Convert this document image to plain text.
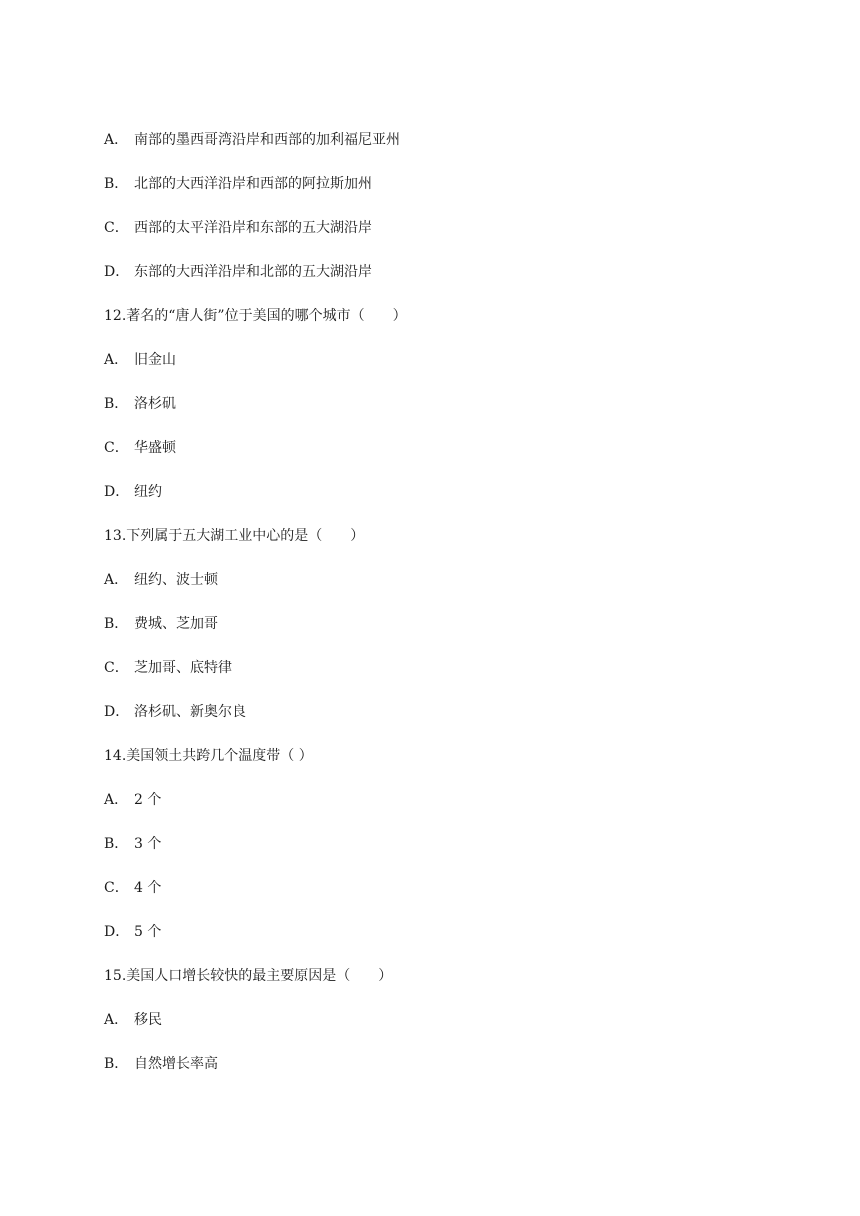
A． 南部的墨西哥湾沿岸和西部的加利福尼亚州
B． 北部的大西洋沿岸和西部的阿拉斯加州
C． 西部的太平洋沿岸和东部的五大湖沿岸
D． 东部的大西洋沿岸和北部的五大湖沿岸
12.著名的“唐人街”位于美国的哪个城市（　　）
A． 旧金山
B． 洛杉矶
C． 华盛顿
D． 纽约
13.下列属于五大湖工业中心的是（　　）
A． 纽约、波士顿
B． 费城、芝加哥
C． 芝加哥、底特律
D． 洛杉矶、新奥尔良
14.美国领土共跨几个温度带（ ）
A． 2 个
B． 3 个
C． 4 个
D． 5 个
15.美国人口增长较快的最主要原因是（　　）
A． 移民
B． 自然增长率高
